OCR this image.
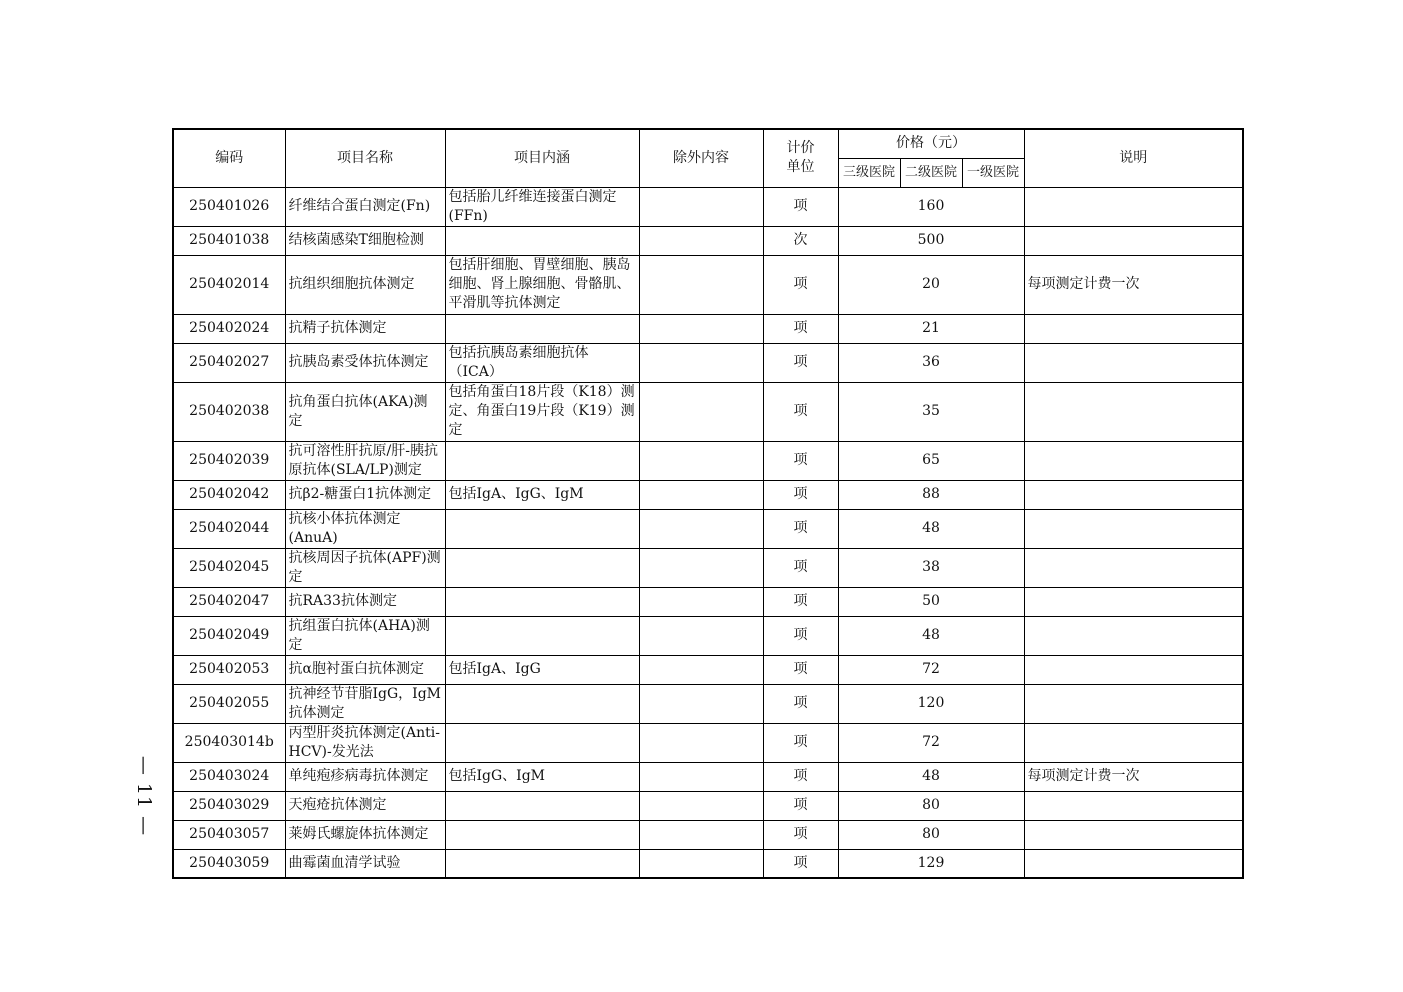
— 11 —
编码	项目名称	项目内涵	除外内容	计价单位	价格（元）			说明
					三级医院	二级医院	一级医院	
250401026	纤维结合蛋白测定(Fn)	包括胎儿纤维连接蛋白测定(FFn)		项	160			
250401038	结核菌感染T细胞检测			次	500			
250402014	抗组织细胞抗体测定	包括肝细胞、胃壁细胞、胰岛细胞、肾上腺细胞、骨骼肌、平滑肌等抗体测定		项	20			每项测定计费一次
250402024	抗精子抗体测定			项	21			
250402027	抗胰岛素受体抗体测定	包括抗胰岛素细胞抗体（ICA）		项	36			
250402038	抗角蛋白抗体(AKA)测定	包括角蛋白18片段（K18）测定、角蛋白19片段（K19）测定		项	35			
250402039	抗可溶性肝抗原/肝-胰抗原抗体(SLA/LP)测定			项	65			
250402042	抗β2-糖蛋白1抗体测定	包括IgA、IgG、IgM		项	88			
250402044	抗核小体抗体测定(AnuA)			项	48			
250402045	抗核周因子抗体(APF)测定			项	38			
250402047	抗RA33抗体测定			项	50			
250402049	抗组蛋白抗体(AHA)测定			项	48			
250402053	抗α胞衬蛋白抗体测定	包括IgA、IgG		项	72			
250402055	抗神经节苷脂IgG，IgM抗体测定			项	120			
250403014b	丙型肝炎抗体测定(Anti-HCV)-发光法			项	72			
250403024	单纯疱疹病毒抗体测定	包括IgG、IgM		项	48			每项测定计费一次
250403029	天疱疮抗体测定			项	80			
250403057	莱姆氏螺旋体抗体测定			项	80			
250403059	曲霉菌血清学试验			项	129			
